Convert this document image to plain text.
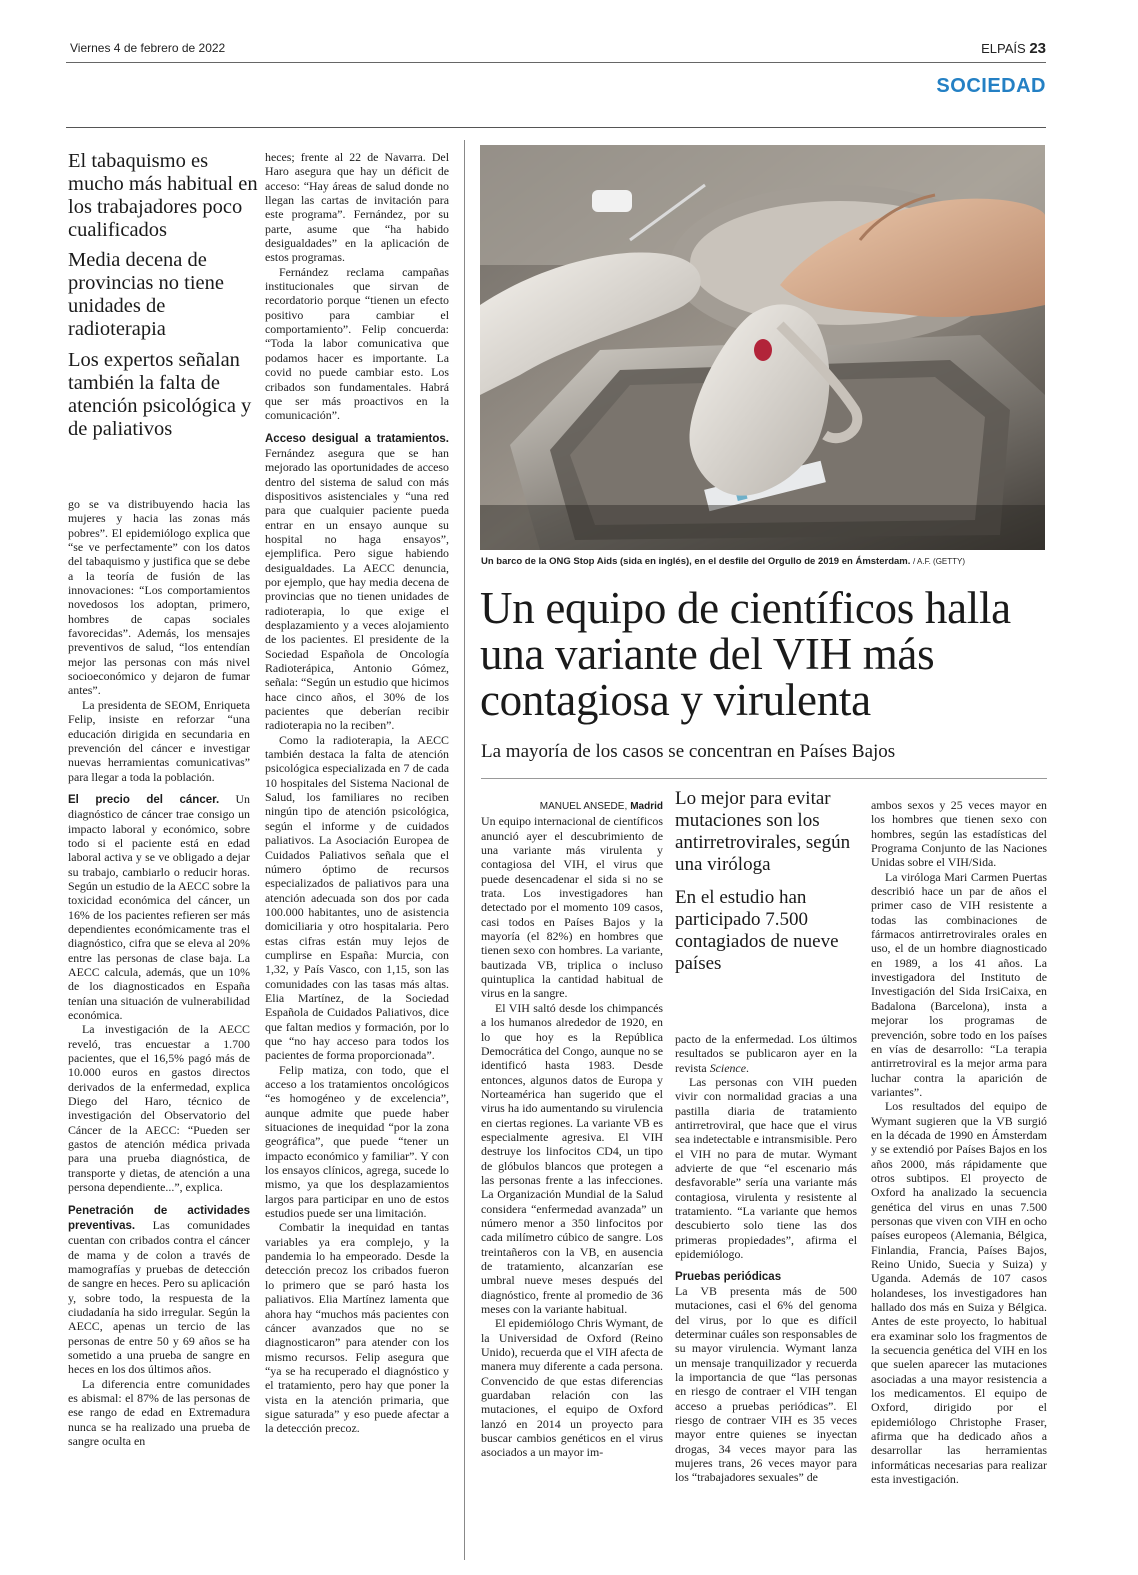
Viernes 4 de febrero de 2022	ELPAÍS 23
SOCIEDAD
El tabaquismo es mucho más habitual en los trabajadores poco cualificados
Media decena de provincias no tiene unidades de radioterapia
Los expertos señalan también la falta de atención psicológica y de paliativos

go se va distribuyendo hacia las mujeres y hacia las zonas más pobres”. El epidemiólogo explica que “se ve perfectamente” con los datos del tabaquismo y justifica que se debe a la teoría de fusión de las innovaciones: “Los comportamientos novedosos los adoptan, primero, hombres de capas sociales favorecidas”. Además, los mensajes preventivos de salud, “los entendían mejor las personas con más nivel socioeconómico y dejaron de fumar antes”.

La presidenta de SEOM, Enriqueta Felip, insiste en reforzar “una educación dirigida en secundaria en prevención del cáncer e investigar nuevas herramientas comunicativas” para llegar a toda la población.

El precio del cáncer. Un diagnóstico de cáncer trae consigo un impacto laboral y económico, sobre todo si el paciente está en edad laboral activa y se ve obligado a dejar su trabajo, cambiarlo o reducir horas. Según un estudio de la AECC sobre la toxicidad económica del cáncer, un 16% de los pacientes refieren ser más dependientes económicamente tras el diagnóstico, cifra que se eleva al 20% entre las personas de clase baja. La AECC calcula, además, que un 10% de los diagnosticados en España tenían una situación de vulnerabilidad económica.

La investigación de la AECC reveló, tras encuestar a 1.700 pacientes, que el 16,5% pagó más de 10.000 euros en gastos directos derivados de la enfermedad, explica Diego del Haro, técnico de investigación del Observatorio del Cáncer de la AECC: “Pueden ser gastos de atención médica privada para una prueba diagnóstica, de transporte y dietas, de atención a una persona dependiente...”, explica.

Penetración de actividades preventivas. Las comunidades cuentan con cribados contra el cáncer de mama y de colon a través de mamografías y pruebas de detección de sangre en heces. Pero su aplicación y, sobre todo, la respuesta de la ciudadanía ha sido irregular. Según la AECC, apenas un tercio de las personas de entre 50 y 69 años se ha sometido a una prueba de sangre en heces en los dos últimos años.

La diferencia entre comunidades es abismal: el 87% de las personas de ese rango de edad en Extremadura nunca se ha realizado una prueba de sangre oculta en

heces; frente al 22 de Navarra. Del Haro asegura que hay un déficit de acceso: “Hay áreas de salud donde no llegan las cartas de invitación para este programa”. Fernández, por su parte, asume que “ha habido desigualdades” en la aplicación de estos programas.

Fernández reclama campañas institucionales que sirvan de recordatorio porque “tienen un efecto positivo para cambiar el comportamiento”. Felip concuerda: “Toda la labor comunicativa que podamos hacer es importante. La covid no puede cambiar esto. Los cribados son fundamentales. Habrá que ser más proactivos en la comunicación”.

Acceso desigual a tratamientos. Fernández asegura que se han mejorado las oportunidades de acceso dentro del sistema de salud con más dispositivos asistenciales y “una red para que cualquier paciente pueda entrar en un ensayo aunque su hospital no haga ensayos”, ejemplifica. Pero sigue habiendo desigualdades. La AECC denuncia, por ejemplo, que hay media decena de provincias que no tienen unidades de radioterapia, lo que exige el desplazamiento y a veces alojamiento de los pacientes. El presidente de la Sociedad Española de Oncología Radioterápica, Antonio Gómez, señala: “Según un estudio que hicimos hace cinco años, el 30% de los pacientes que deberían recibir radioterapia no la reciben”.

Como la radioterapia, la AECC también destaca la falta de atención psicológica especializada en 7 de cada 10 hospitales del Sistema Nacional de Salud, los familiares no reciben ningún tipo de atención psicológica, según el informe y de cuidados paliativos. La Asociación Europea de Cuidados Paliativos señala que el número óptimo de recursos especializados de paliativos para una atención adecuada son dos por cada 100.000 habitantes, uno de asistencia domiciliaria y otro hospitalaria. Pero estas cifras están muy lejos de cumplirse en España: Murcia, con 1,32, y País Vasco, con 1,15, son las comunidades con las tasas más altas. Elia Martínez, de la Sociedad Española de Cuidados Paliativos, dice que faltan medios y formación, por lo que “no hay acceso para todos los pacientes de forma proporcionada”.

Felip matiza, con todo, que el acceso a los tratamientos oncológicos “es homogéneo y de excelencia”, aunque admite que puede haber situaciones de inequidad “por la zona geográfica”, que puede “tener un impacto económico y familiar”. Y con los ensayos clínicos, agrega, sucede lo mismo, ya que los desplazamientos largos para participar en uno de estos estudios puede ser una limitación.

Combatir la inequidad en tantas variables ya era complejo, y la pandemia lo ha empeorado. Desde la detección precoz los cribados fueron lo primero que se paró hasta los paliativos. Elia Martínez lamenta que ahora hay “muchos más pacientes con cáncer avanzados que no se diagnosticaron” para atender con los mismo recursos. Felip asegura que “ya se ha recuperado el diagnóstico y el tratamiento, pero hay que poner la vista en la atención primaria, que sigue saturada” y eso puede afectar a la detección precoz.

Un barco de la ONG Stop Aids (sida en inglés), en el desfile del Orgullo de 2019 en Ámsterdam. / A.F. (GETTY)
Un equipo de científicos halla una variante del VIH más contagiosa y virulenta
La mayoría de los casos se concentran en Países Bajos

MANUEL ANSEDE, Madrid

Un equipo internacional de científicos anunció ayer el descubrimiento de una variante más virulenta y contagiosa del VIH, el virus que puede desencadenar el sida si no se trata. Los investigadores han detectado por el momento 109 casos, casi todos en Países Bajos y la mayoría (el 82%) en hombres que tienen sexo con hombres. La variante, bautizada VB, triplica o incluso quintuplica la cantidad habitual de virus en la sangre.

El VIH saltó desde los chimpancés a los humanos alrededor de 1920, en lo que hoy es la República Democrática del Congo, aunque no se identificó hasta 1983. Desde entonces, algunos datos de Europa y Norteamérica han sugerido que el virus ha ido aumentando su virulencia en ciertas regiones. La variante VB es especialmente agresiva. El VIH destruye los linfocitos CD4, un tipo de glóbulos blancos que protegen a las personas frente a las infecciones. La Organización Mundial de la Salud considera “enfermedad avanzada” un número menor a 350 linfocitos por cada milímetro cúbico de sangre. Los treintañeros con la VB, en ausencia de tratamiento, alcanzarían ese umbral nueve meses después del diagnóstico, frente al promedio de 36 meses con la variante habitual.

El epidemiólogo Chris Wymant, de la Universidad de Oxford (Reino Unido), recuerda que el VIH afecta de manera muy diferente a cada persona. Convencido de que estas diferencias guardaban relación con las mutaciones, el equipo de Oxford lanzó en 2014 un proyecto para buscar cambios genéticos en el virus asociados a un mayor im-

Lo mejor para evitar mutaciones son los antirretrovirales, según una viróloga
En el estudio han participado 7.500 contagiados de nueve países

pacto de la enfermedad. Los últimos resultados se publicaron ayer en la revista Science.

Las personas con VIH pueden vivir con normalidad gracias a una pastilla diaria de tratamiento antirretroviral, que hace que el virus sea indetectable e intransmisible. Pero el VIH no para de mutar. Wymant advierte de que “el escenario más desfavorable” sería una variante más contagiosa, virulenta y resistente al tratamiento. “La variante que hemos descubierto solo tiene las dos primeras propiedades”, afirma el epidemiólogo.

Pruebas periódicas

La VB presenta más de 500 mutaciones, casi el 6% del genoma del virus, por lo que es difícil determinar cuáles son responsables de su mayor virulencia. Wymant lanza un mensaje tranquilizador y recuerda la importancia de que “las personas en riesgo de contraer el VIH tengan acceso a pruebas periódicas”. El riesgo de contraer VIH es 35 veces mayor entre quienes se inyectan drogas, 34 veces mayor para las mujeres trans, 26 veces mayor para los “trabajadores sexuales” de

ambos sexos y 25 veces mayor en los hombres que tienen sexo con hombres, según las estadísticas del Programa Conjunto de las Naciones Unidas sobre el VIH/Sida.

La viróloga Mari Carmen Puertas describió hace un par de años el primer caso de VIH resistente a todas las combinaciones de fármacos antirretrovirales orales en uso, el de un hombre diagnosticado en 1989, a los 41 años. La investigadora del Instituto de Investigación del Sida IrsiCaixa, en Badalona (Barcelona), insta a mejorar los programas de prevención, sobre todo en los países en vías de desarrollo: “La terapia antirretroviral es la mejor arma para luchar contra la aparición de variantes”.

Los resultados del equipo de Wymant sugieren que la VB surgió en la década de 1990 en Ámsterdam y se extendió por Países Bajos en los años 2000, más rápidamente que otros subtipos. El proyecto de Oxford ha analizado la secuencia genética del virus en unas 7.500 personas que viven con VIH en ocho países europeos (Alemania, Bélgica, Finlandia, Francia, Países Bajos, Reino Unido, Suecia y Suiza) y Uganda. Además de 107 casos holandeses, los investigadores han hallado dos más en Suiza y Bélgica. Antes de este proyecto, lo habitual era examinar solo los fragmentos de la secuencia genética del VIH en los que suelen aparecer las mutaciones asociadas a una mayor resistencia a los medicamentos. El equipo de Oxford, dirigido por el epidemiólogo Christophe Fraser, afirma que ha dedicado años a desarrollar las herramientas informáticas necesarias para realizar esta investigación.
